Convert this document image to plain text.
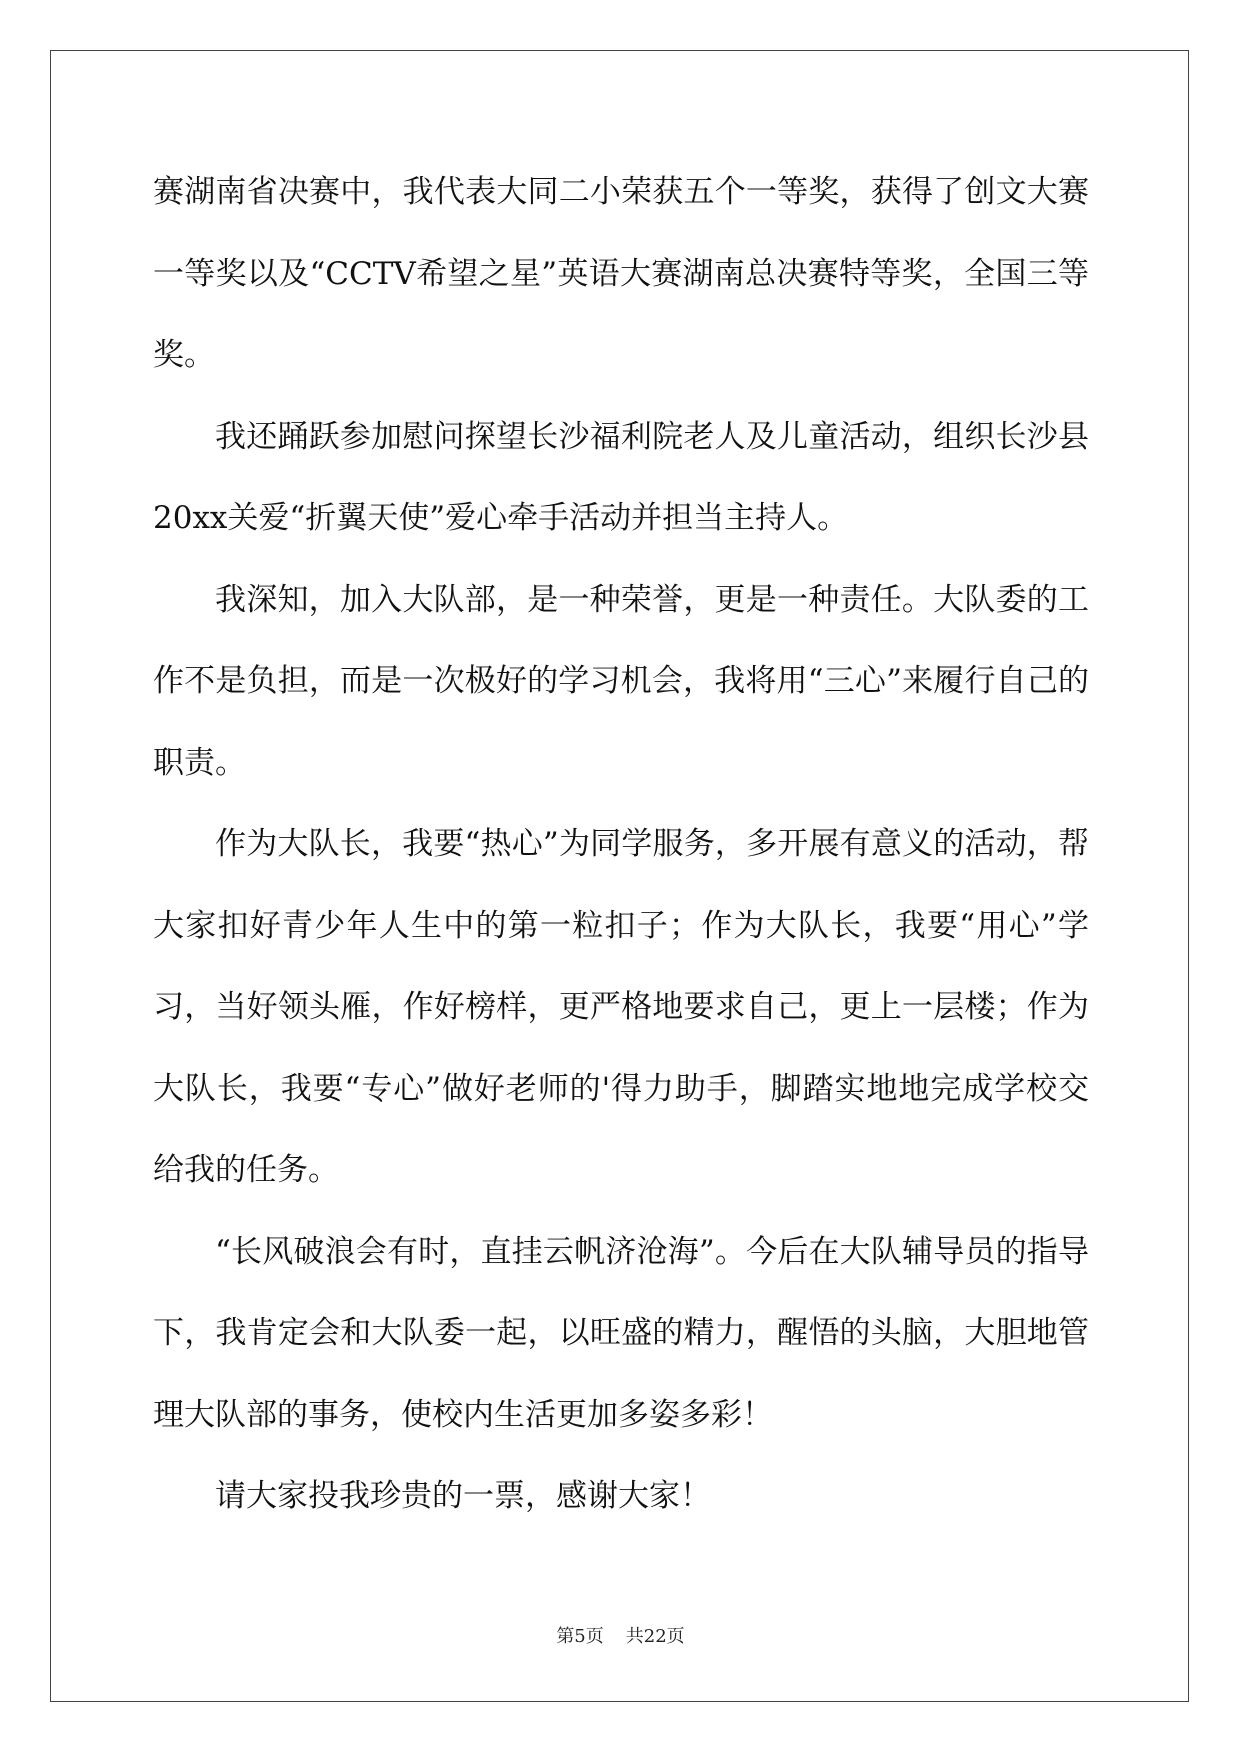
赛湖南省决赛中，我代表大同二小荣获五个一等奖，获得了创文大赛一等奖以及“CCTV希望之星”英语大赛湖南总决赛特等奖，全国三等奖。

我还踊跃参加慰问探望长沙福利院老人及儿童活动，组织长沙县20xx关爱“折翼天使”爱心牵手活动并担当主持人。

我深知，加入大队部，是一种荣誉，更是一种责任。大队委的工作不是负担，而是一次极好的学习机会，我将用“三心”来履行自己的职责。

作为大队长，我要“热心”为同学服务，多开展有意义的活动，帮大家扣好青少年人生中的第一粒扣子；作为大队长，我要“用心”学习，当好领头雁，作好榜样，更严格地要求自己，更上一层楼；作为大队长，我要“专心”做好老师的'得力助手，脚踏实地地完成学校交给我的任务。

“长风破浪会有时，直挂云帆济沧海”。今后在大队辅导员的指导下，我肯定会和大队委一起，以旺盛的精力，醒悟的头脑，大胆地管理大队部的事务，使校内生活更加多姿多彩！

请大家投我珍贵的一票，感谢大家！

第5页 共22页
